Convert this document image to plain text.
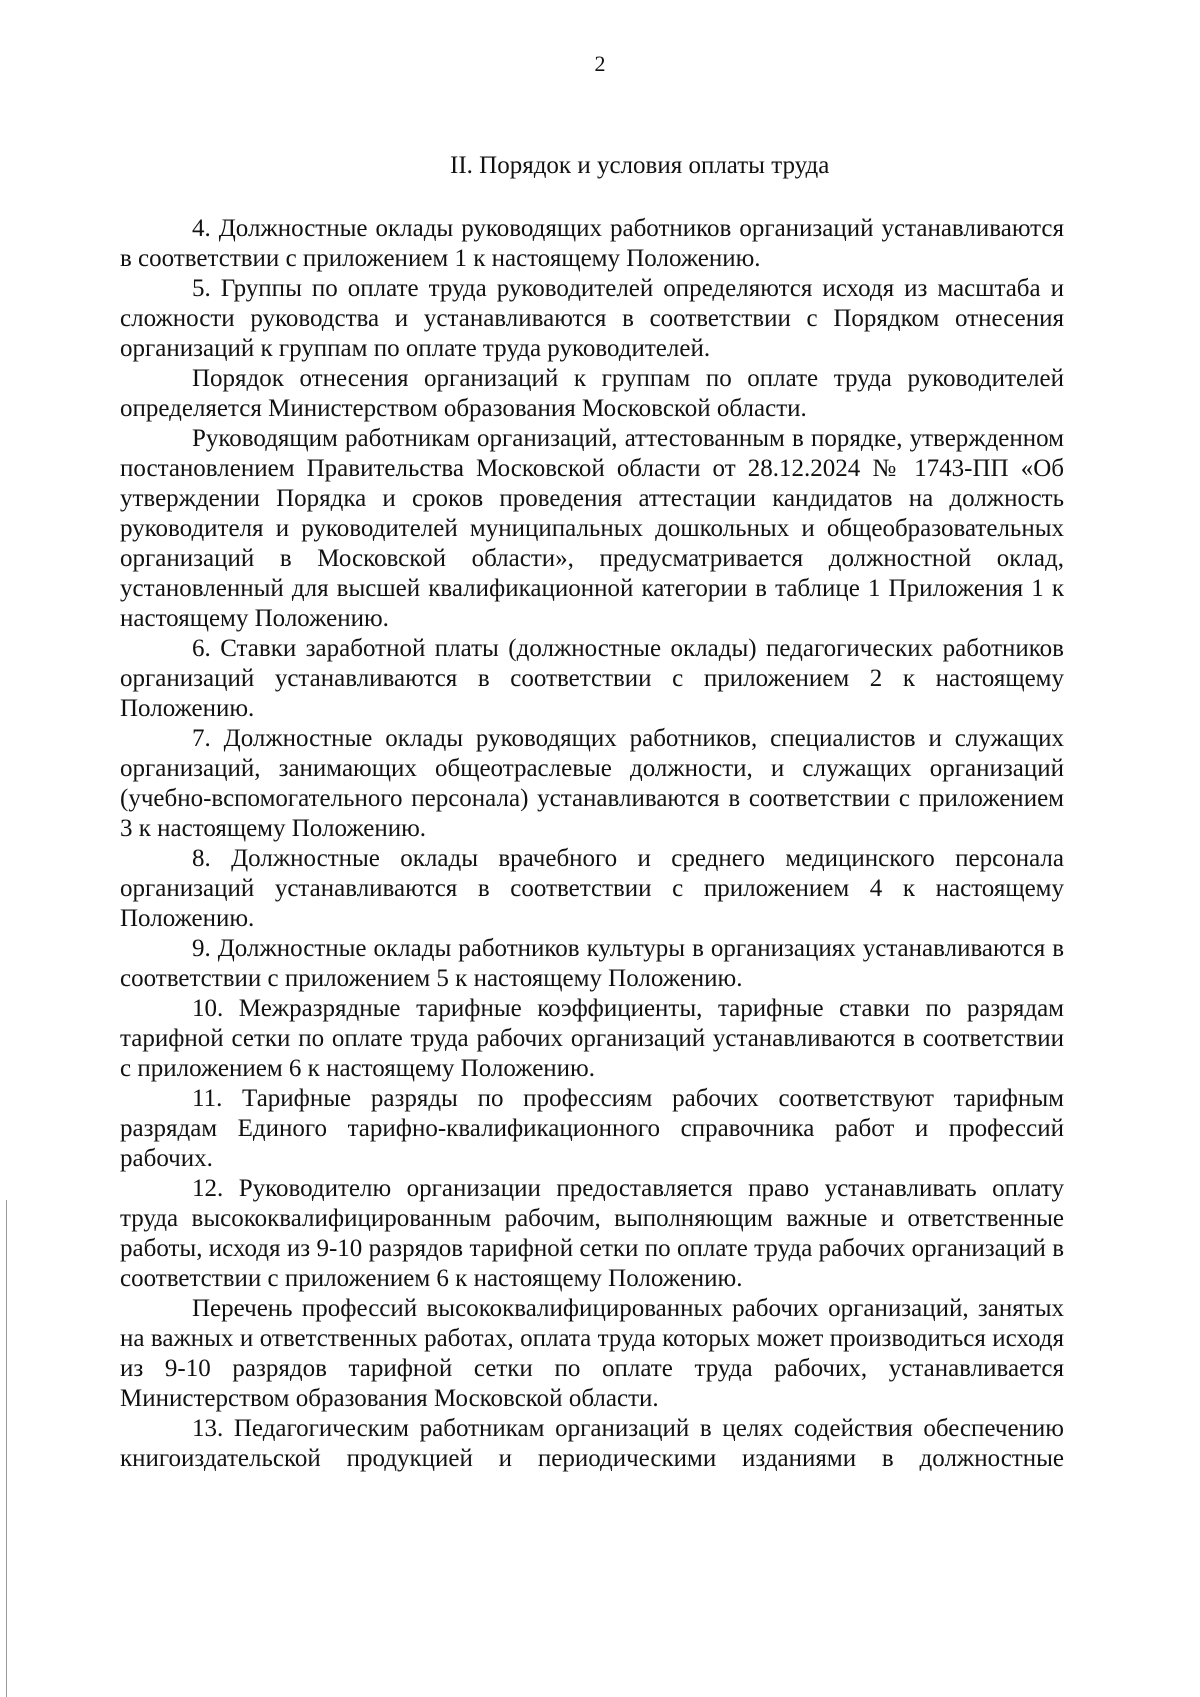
2
II. Порядок и условия оплаты труда

4. Должностные оклады руководящих работников организаций устанавливаются в соответствии с приложением 1 к настоящему Положению.

5. Группы по оплате труда руководителей определяются исходя из масштаба и сложности руководства и устанавливаются в соответствии с Порядком отнесения организаций к группам по оплате труда руководителей.

Порядок отнесения организаций к группам по оплате труда руководителей определяется Министерством образования Московской области.

Руководящим работникам организаций, аттестованным в порядке, утвержденном постановлением Правительства Московской области от 28.12.2024 № 1743-ПП «Об утверждении Порядка и сроков проведения аттестации кандидатов на должность руководителя и руководителей муниципальных дошкольных и общеобразовательных организаций в Московской области», предусматривается должностной оклад, установленный для высшей квалификационной категории в таблице 1 Приложения 1 к настоящему Положению.

6. Ставки заработной платы (должностные оклады) педагогических работников организаций устанавливаются в соответствии с приложением 2 к настоящему Положению.

7. Должностные оклады руководящих работников, специалистов и служащих организаций, занимающих общеотраслевые должности, и служащих организаций (учебно-вспомогательного персонала) устанавливаются в соответствии с приложением 3 к настоящему Положению.

8. Должностные оклады врачебного и среднего медицинского персонала организаций устанавливаются в соответствии с приложением 4 к настоящему Положению.

9. Должностные оклады работников культуры в организациях устанавливаются в соответствии с приложением 5 к настоящему Положению.

10. Межразрядные тарифные коэффициенты, тарифные ставки по разрядам тарифной сетки по оплате труда рабочих организаций устанавливаются в соответствии с приложением 6 к настоящему Положению.

11. Тарифные разряды по профессиям рабочих соответствуют тарифным разрядам Единого тарифно-квалификационного справочника работ и профессий рабочих.

12. Руководителю организации предоставляется право устанавливать оплату труда высококвалифицированным рабочим, выполняющим важные и ответственные работы, исходя из 9-10 разрядов тарифной сетки по оплате труда рабочих организаций в соответствии с приложением 6 к настоящему Положению.

Перечень профессий высококвалифицированных рабочих организаций, занятых на важных и ответственных работах, оплата труда которых может производиться исходя из 9-10 разрядов тарифной сетки по оплате труда рабочих, устанавливается Министерством образования Московской области.

13. Педагогическим работникам организаций в целях содействия обеспечению книгоиздательской продукцией и периодическими изданиями в должностные
